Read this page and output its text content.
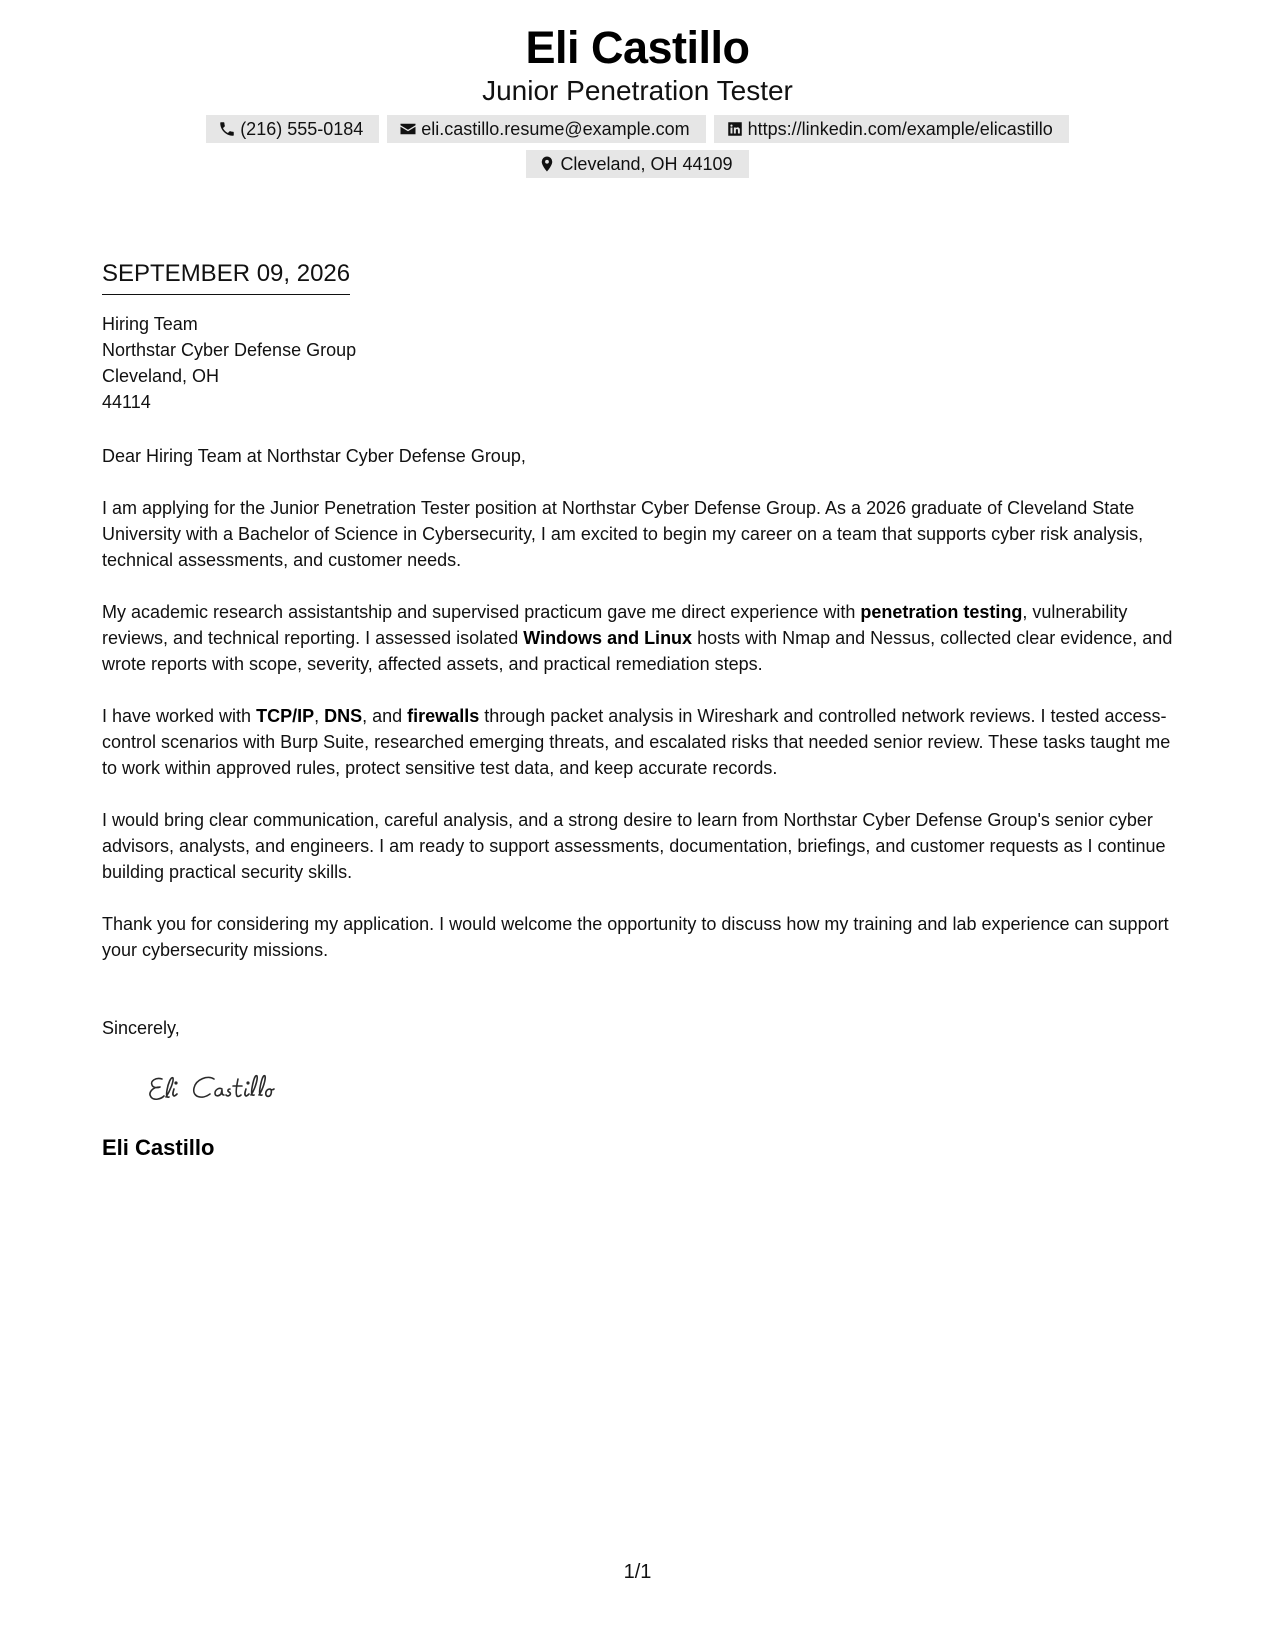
Eli Castillo
Junior Penetration Tester
(216) 555-0184	eli.castillo.resume@example.com	https://linkedin.com/example/elicastillo
Cleveland, OH 44109
SEPTEMBER 09, 2026
Hiring Team
Northstar Cyber Defense Group
Cleveland, OH
44114

Dear Hiring Team at Northstar Cyber Defense Group,

I am applying for the Junior Penetration Tester position at Northstar Cyber Defense Group. As a 2026 graduate of Cleveland State University with a Bachelor of Science in Cybersecurity, I am excited to begin my career on a team that supports cyber risk analysis, technical assessments, and customer needs.

My academic research assistantship and supervised practicum gave me direct experience with penetration testing, vulnerability reviews, and technical reporting. I assessed isolated Windows and Linux hosts with Nmap and Nessus, collected clear evidence, and wrote reports with scope, severity, affected assets, and practical remediation steps.

I have worked with TCP/IP, DNS, and firewalls through packet analysis in Wireshark and controlled network reviews. I tested access-control scenarios with Burp Suite, researched emerging threats, and escalated risks that needed senior review. These tasks taught me to work within approved rules, protect sensitive test data, and keep accurate records.

I would bring clear communication, careful analysis, and a strong desire to learn from Northstar Cyber Defense Group's senior cyber advisors, analysts, and engineers. I am ready to support assessments, documentation, briefings, and customer requests as I continue building practical security skills.

Thank you for considering my application. I would welcome the opportunity to discuss how my training and lab experience can support your cybersecurity missions.

Sincerely,

Eli Castillo
1/1
